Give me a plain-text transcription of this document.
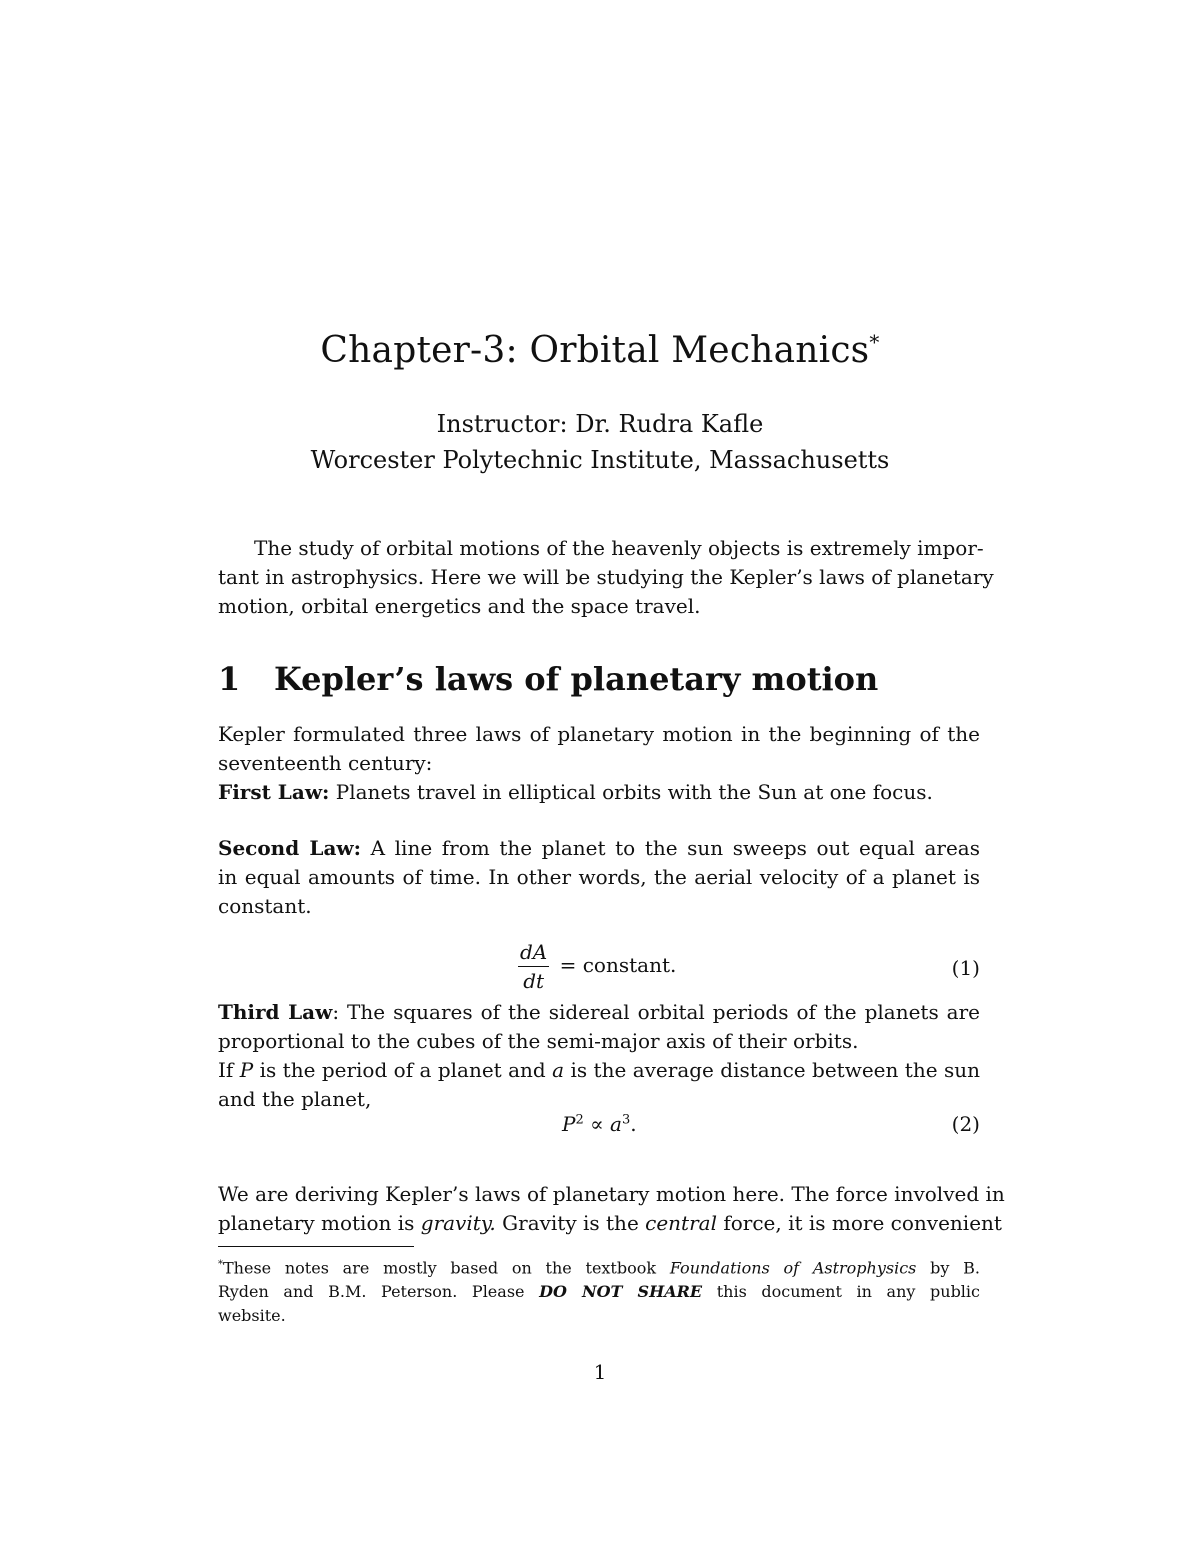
Chapter-3: Orbital Mechanics*
Instructor: Dr. Rudra Kafle
Worcester Polytechnic Institute, Massachusetts
The study of orbital motions of the heavenly objects is extremely impor-
tant in astrophysics. Here we will be studying the Kepler’s laws of planetary
motion, orbital energetics and the space travel.
1 Kepler’s laws of planetary motion
Kepler formulated three laws of planetary motion in the beginning of the
seventeenth century:
First Law: Planets travel in elliptical orbits with the Sun at one focus.
Second Law: A line from the planet to the sun sweeps out equal areas
in equal amounts of time. In other words, the aerial velocity of a planet is
constant.
$\frac{dA}{dt}$ = constant.	(1)
Third Law: The squares of the sidereal orbital periods of the planets are
proportional to the cubes of the semi-major axis of their orbits.
If P is the period of a planet and a is the average distance between the sun
and the planet,
$P^2 \propto a^3$.	(2)
We are deriving Kepler’s laws of planetary motion here. The force involved in
planetary motion is gravity. Gravity is the central force, it is more convenient
*These notes are mostly based on the textbook Foundations of Astrophysics by B.
Ryden and B.M. Peterson. Please DO NOT SHARE this document in any public
website.
1
